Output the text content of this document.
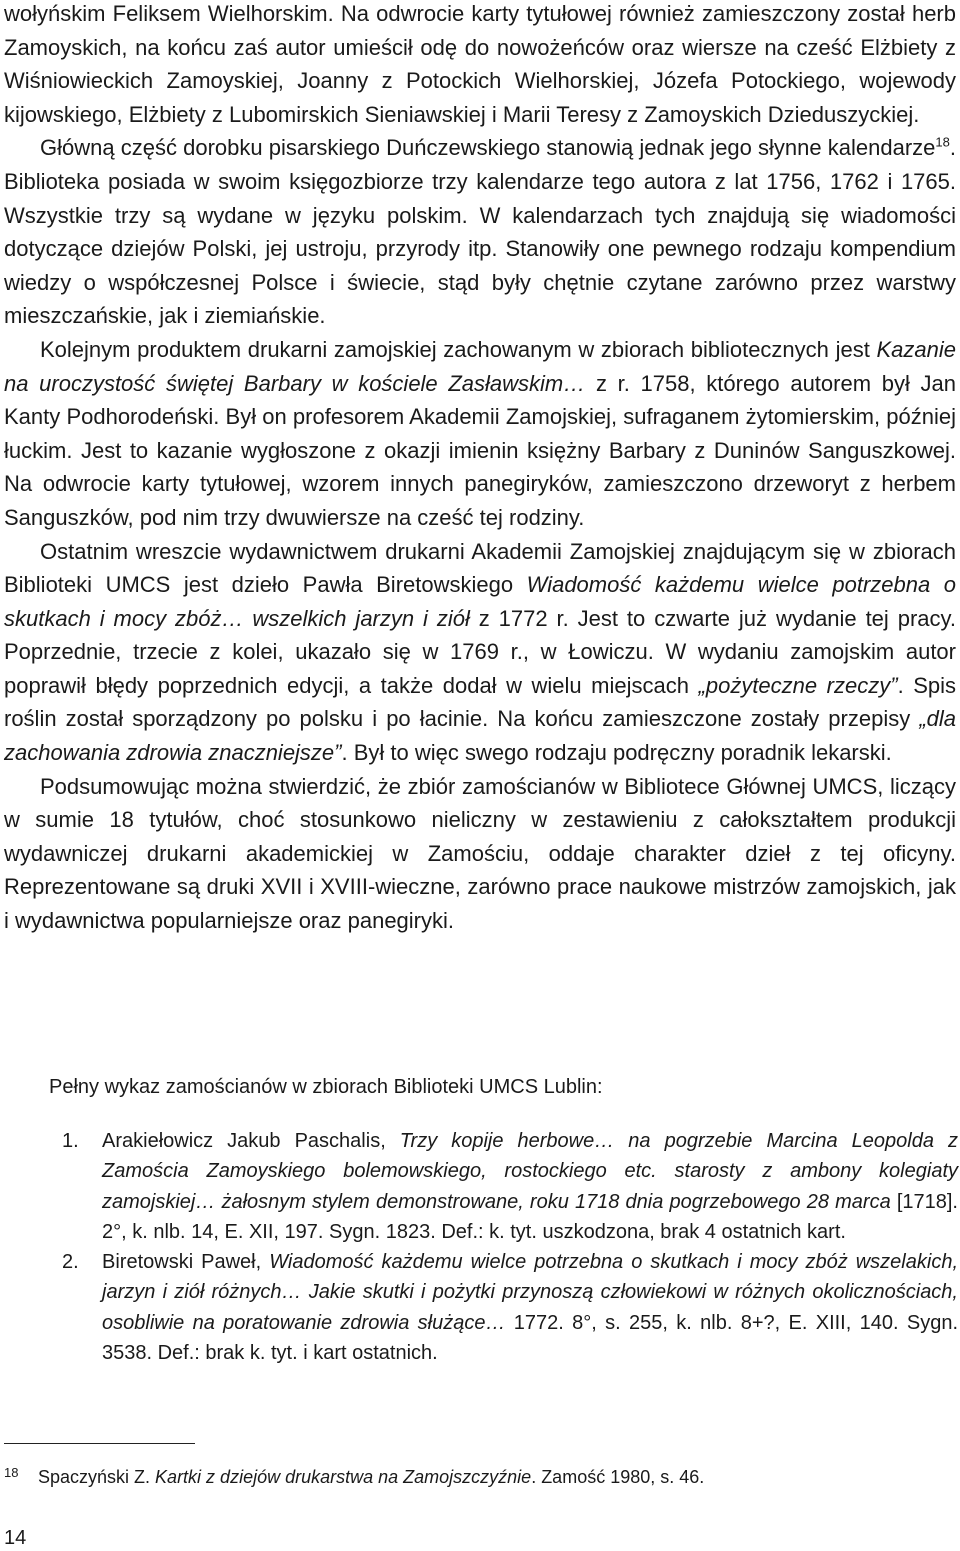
wołyńskim Feliksem Wielhorskim. Na odwrocie karty tytułowej również zamieszczony został herb Zamoyskich, na końcu zaś autor umieścił odę do nowożeńców oraz wiersze na cześć Elżbiety z Wiśniowieckich Zamoyskiej, Joanny z Potockich Wielhorskiej, Józefa Potockiego, wojewody kijowskiego, Elżbiety z Lubomirskich Sieniawskiej i Marii Teresy z Zamoyskich Dzieduszyckiej.

Główną część dorobku pisarskiego Duńczewskiego stanowią jednak jego słynne kalendarze$^{18}$. Biblioteka posiada w swoim księgozbiorze trzy kalendarze tego autora z lat 1756, 1762 i 1765. Wszystkie trzy są wydane w języku polskim. W kalendarzach tych znajdują się wiadomości dotyczące dziejów Polski, jej ustroju, przyrody itp. Stanowiły one pewnego rodzaju kompendium wiedzy o współczesnej Polsce i świecie, stąd były chętnie czytane zarówno przez warstwy mieszczańskie, jak i ziemiańskie.

Kolejnym produktem drukarni zamojskiej zachowanym w zbiorach bibliotecznych jest Kazanie na uroczystość świętej Barbary w kościele Zasławskim… z r. 1758, którego autorem był Jan Kanty Podhorodeński. Był on profesorem Akademii Zamojskiej, sufraganem żytomierskim, później łuckim. Jest to kazanie wygłoszone z okazji imienin księżny Barbary z Duninów Sanguszkowej. Na odwrocie karty tytułowej, wzorem innych panegiryków, zamieszczono drzeworyt z herbem Sanguszków, pod nim trzy dwuwiersze na cześć tej rodziny.

Ostatnim wreszcie wydawnictwem drukarni Akademii Zamojskiej znajdującym się w zbiorach Biblioteki UMCS jest dzieło Pawła Biretowskiego Wiadomość każdemu wielce potrzebna o skutkach i mocy zbóż… wszelkich jarzyn i ziół z 1772 r. Jest to czwarte już wydanie tej pracy. Poprzednie, trzecie z kolei, ukazało się w 1769 r., w Łowiczu. W wydaniu zamojskim autor poprawił błędy poprzednich edycji, a także dodał w wielu miejscach „pożyteczne rzeczy”. Spis roślin został sporządzony po polsku i po łacinie. Na końcu zamieszczone zostały przepisy „dla zachowania zdrowia znaczniejsze”. Był to więc swego rodzaju podręczny poradnik lekarski.

Podsumowując można stwierdzić, że zbiór zamościanów w Bibliotece Głównej UMCS, liczący w sumie 18 tytułów, choć stosunkowo nieliczny w zestawieniu z całokształtem produkcji wydawniczej drukarni akademickiej w Zamościu, oddaje charakter dzieł z tej oficyny. Reprezentowane są druki XVII i XVIII-wieczne, zarówno prace naukowe mistrzów zamojskich, jak i wydawnictwa popularniejsze oraz panegiryki.

Pełny wykaz zamościanów w zbiorach Biblioteki UMCS Lublin:
1. Arakiełowicz Jakub Paschalis, Trzy kopije herbowe… na pogrzebie Marcina Leopolda z Zamościa Zamoyskiego bolemowskiego, rostockiego etc. starosty z ambony kolegiaty zamojskiej… żałosnym stylem demonstrowane, roku 1718 dnia pogrzebowego 28 marca [1718]. 2°, k. nlb. 14, E. XII, 197. Sygn. 1823. Def.: k. tyt. uszkodzona, brak 4 ostatnich kart.
2. Biretowski Paweł, Wiadomość każdemu wielce potrzebna o skutkach i mocy zbóż wszelakich, jarzyn i ziół różnych… Jakie skutki i pożytki przynoszą człowiekowi w różnych okolicznościach, osobliwie na poratowanie zdrowia służące… 1772. 8°, s. 255, k. nlb. 8+?, E. XIII, 140. Sygn. 3538. Def.: brak k. tyt. i kart ostatnich.
18 Spaczyński Z. Kartki z dziejów drukarstwa na Zamojszczyźnie. Zamość 1980, s. 46.
14
